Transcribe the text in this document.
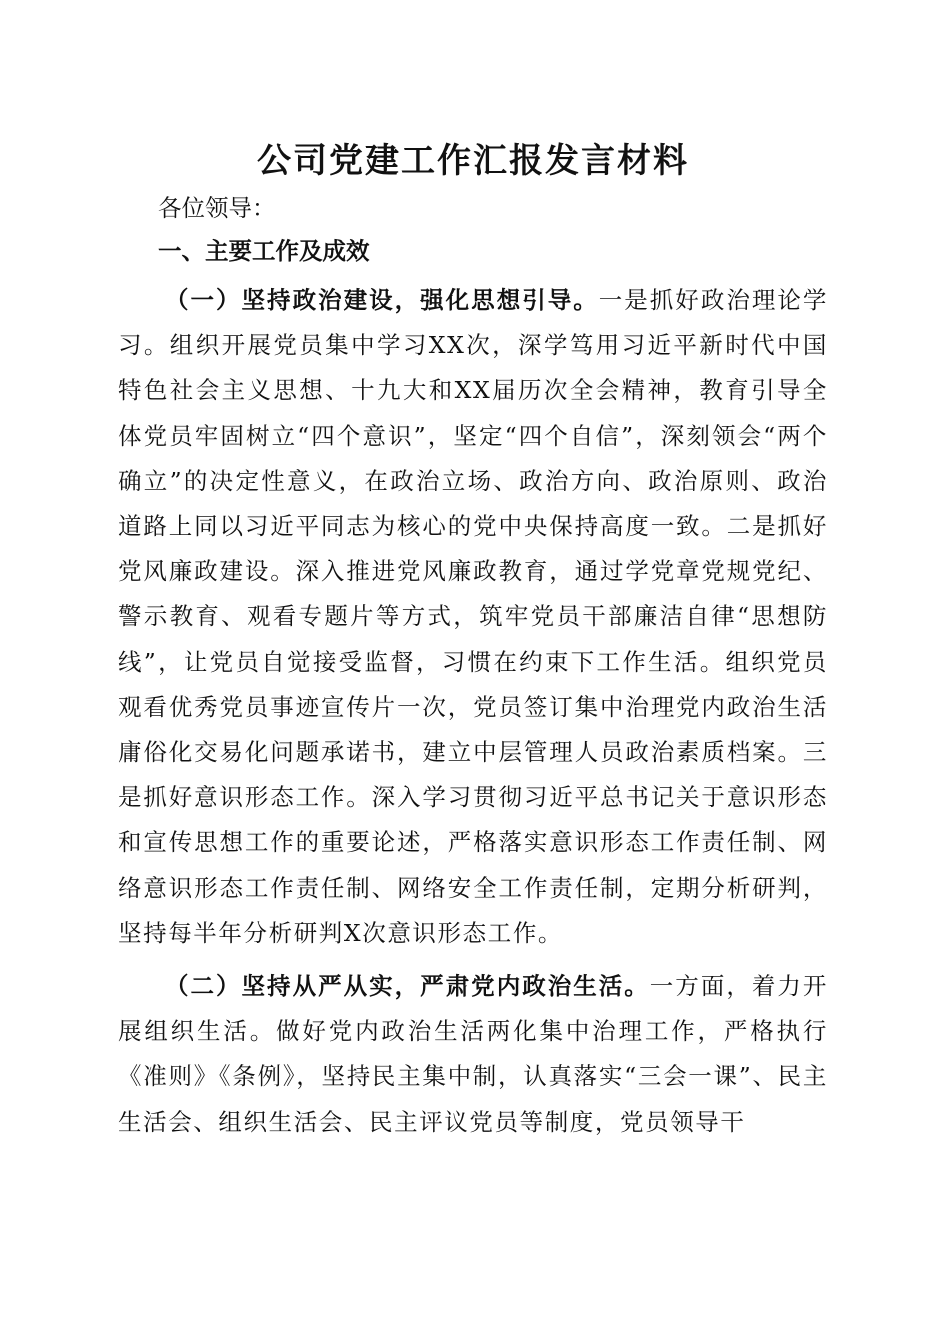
公司党建工作汇报发言材料

各位领导：

一、主要工作及成效

（一）坚持政治建设，强化思想引导。一是抓好政治理论学习。组织开展党员集中学习XX次，深学笃用习近平新时代中国特色社会主义思想、十九大和XX届历次全会精神，教育引导全体党员牢固树立“四个意识”，坚定“四个自信”，深刻领会“两个确立”的决定性意义，在政治立场、政治方向、政治原则、政治道路上同以习近平同志为核心的党中央保持高度一致。二是抓好党风廉政建设。深入推进党风廉政教育，通过学党章党规党纪、警示教育、观看专题片等方式，筑牢党员干部廉洁自律“思想防线”，让党员自觉接受监督，习惯在约束下工作生活。组织党员观看优秀党员事迹宣传片一次，党员签订集中治理党内政治生活庸俗化交易化问题承诺书，建立中层管理人员政治素质档案。三是抓好意识形态工作。深入学习贯彻习近平总书记关于意识形态和宣传思想工作的重要论述，严格落实意识形态工作责任制、网络意识形态工作责任制、网络安全工作责任制，定期分析研判，坚持每半年分析研判X次意识形态工作。

（二）坚持从严从实，严肃党内政治生活。一方面，着力开展组织生活。做好党内政治生活两化集中治理工作，严格执行《准则》《条例》，坚持民主集中制，认真落实“三会一课”、民主生活会、组织生活会、民主评议党员等制度，党员领导干
